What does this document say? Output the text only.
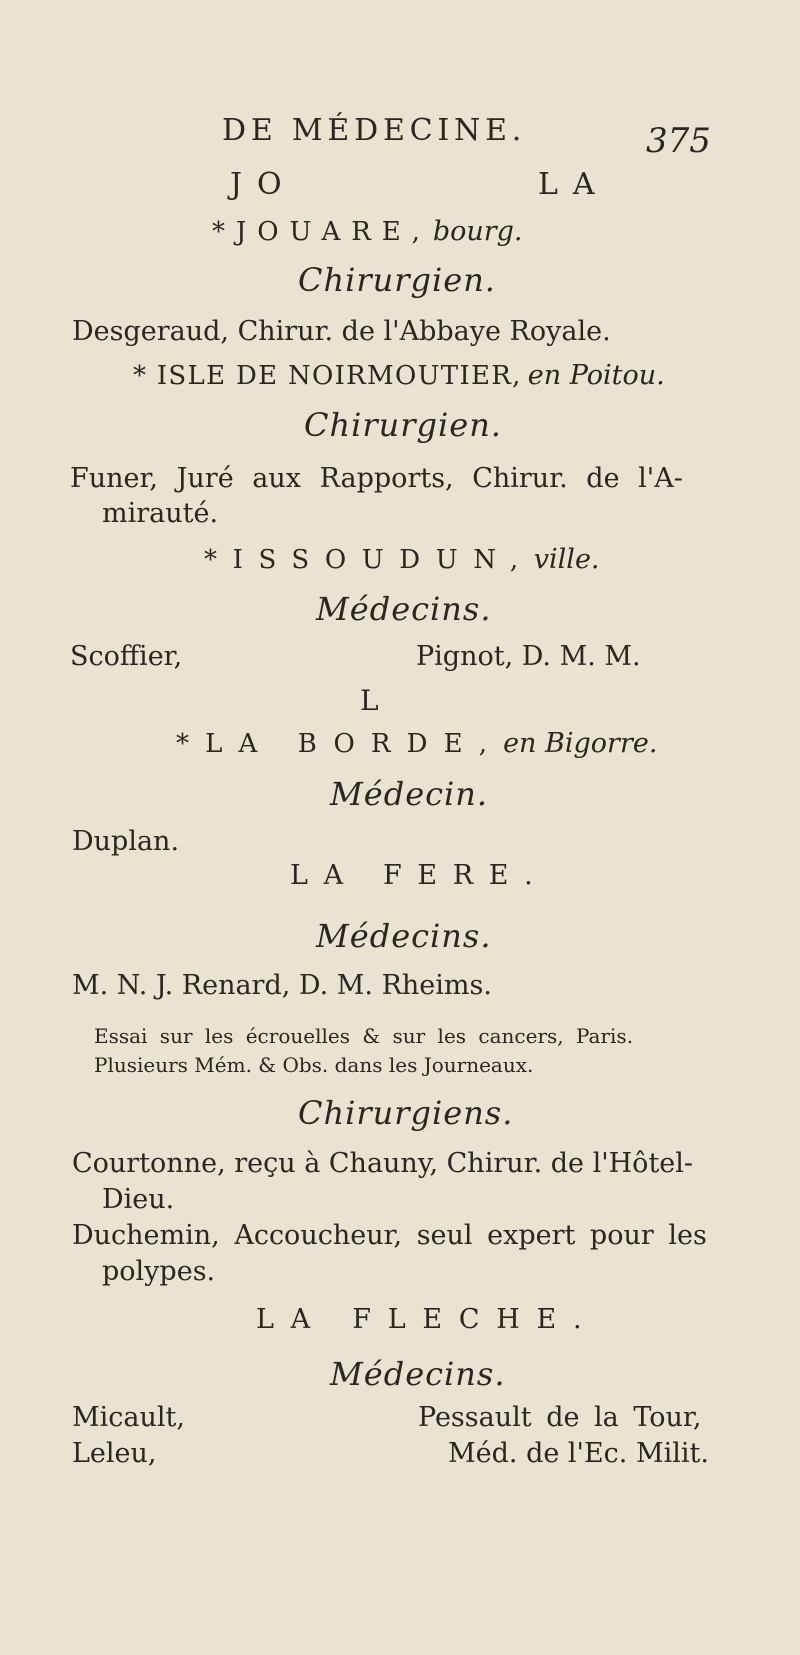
DE MÉDECINE.	375
JO	LA
*JOUARE,bourg.
Chirurgien.
Desgeraud, Chirur. de l'Abbaye Royale.
* ISLE DE NOIRMOUTIER, en Poitou.
Chirurgien.
Funer, Juré aux Rapports, Chirur. de l'A-
mirauté.
*ISSOUDUN,ville.
Médecins.
Scoffier,	Pignot, D. M. M.
L
*LA BORDE,en Bigorre.
Médecin.
Duplan.
LA FERE.
Médecins.
M. N. J. Renard, D. M. Rheims.
Essai sur les écrouelles & sur les cancers, Paris.
Plusieurs Mém. & Obs. dans les Journeaux.
Chirurgiens.
Courtonne, reçu à Chauny, Chirur. de l'Hôtel-
Dieu.
Duchemin, Accoucheur, seul expert pour les
polypes.
LA FLECHE.
Médecins.
Micault,	Pessault de la Tour,
Leleu,	Méd. de l'Ec. Milit.
